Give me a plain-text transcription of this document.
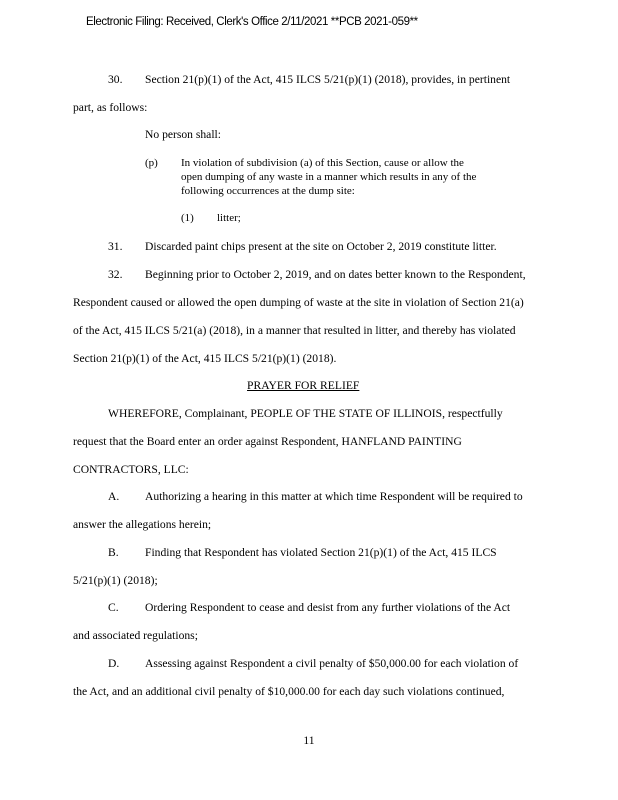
Electronic Filing: Received, Clerk's Office 2/11/2021 **PCB 2021-059**
30. Section 21(p)(1) of the Act, 415 ILCS 5/21(p)(1) (2018), provides, in pertinent
part, as follows:
No person shall:
(p) In violation of subdivision (a) of this Section, cause or allow the
open dumping of any waste in a manner which results in any of the
following occurrences at the dump site:
(1) litter;
31. Discarded paint chips present at the site on October 2, 2019 constitute litter.
32. Beginning prior to October 2, 2019, and on dates better known to the Respondent,
Respondent caused or allowed the open dumping of waste at the site in violation of Section 21(a)
of the Act, 415 ILCS 5/21(a) (2018), in a manner that resulted in litter, and thereby has violated
Section 21(p)(1) of the Act, 415 ILCS 5/21(p)(1) (2018).
PRAYER FOR RELIEF
WHEREFORE, Complainant, PEOPLE OF THE STATE OF ILLINOIS, respectfully
request that the Board enter an order against Respondent, HANFLAND PAINTING
CONTRACTORS, LLC:
A. Authorizing a hearing in this matter at which time Respondent will be required to
answer the allegations herein;
B. Finding that Respondent has violated Section 21(p)(1) of the Act, 415 ILCS
5/21(p)(1) (2018);
C. Ordering Respondent to cease and desist from any further violations of the Act
and associated regulations;
D. Assessing against Respondent a civil penalty of $50,000.00 for each violation of
the Act, and an additional civil penalty of $10,000.00 for each day such violations continued,
11
